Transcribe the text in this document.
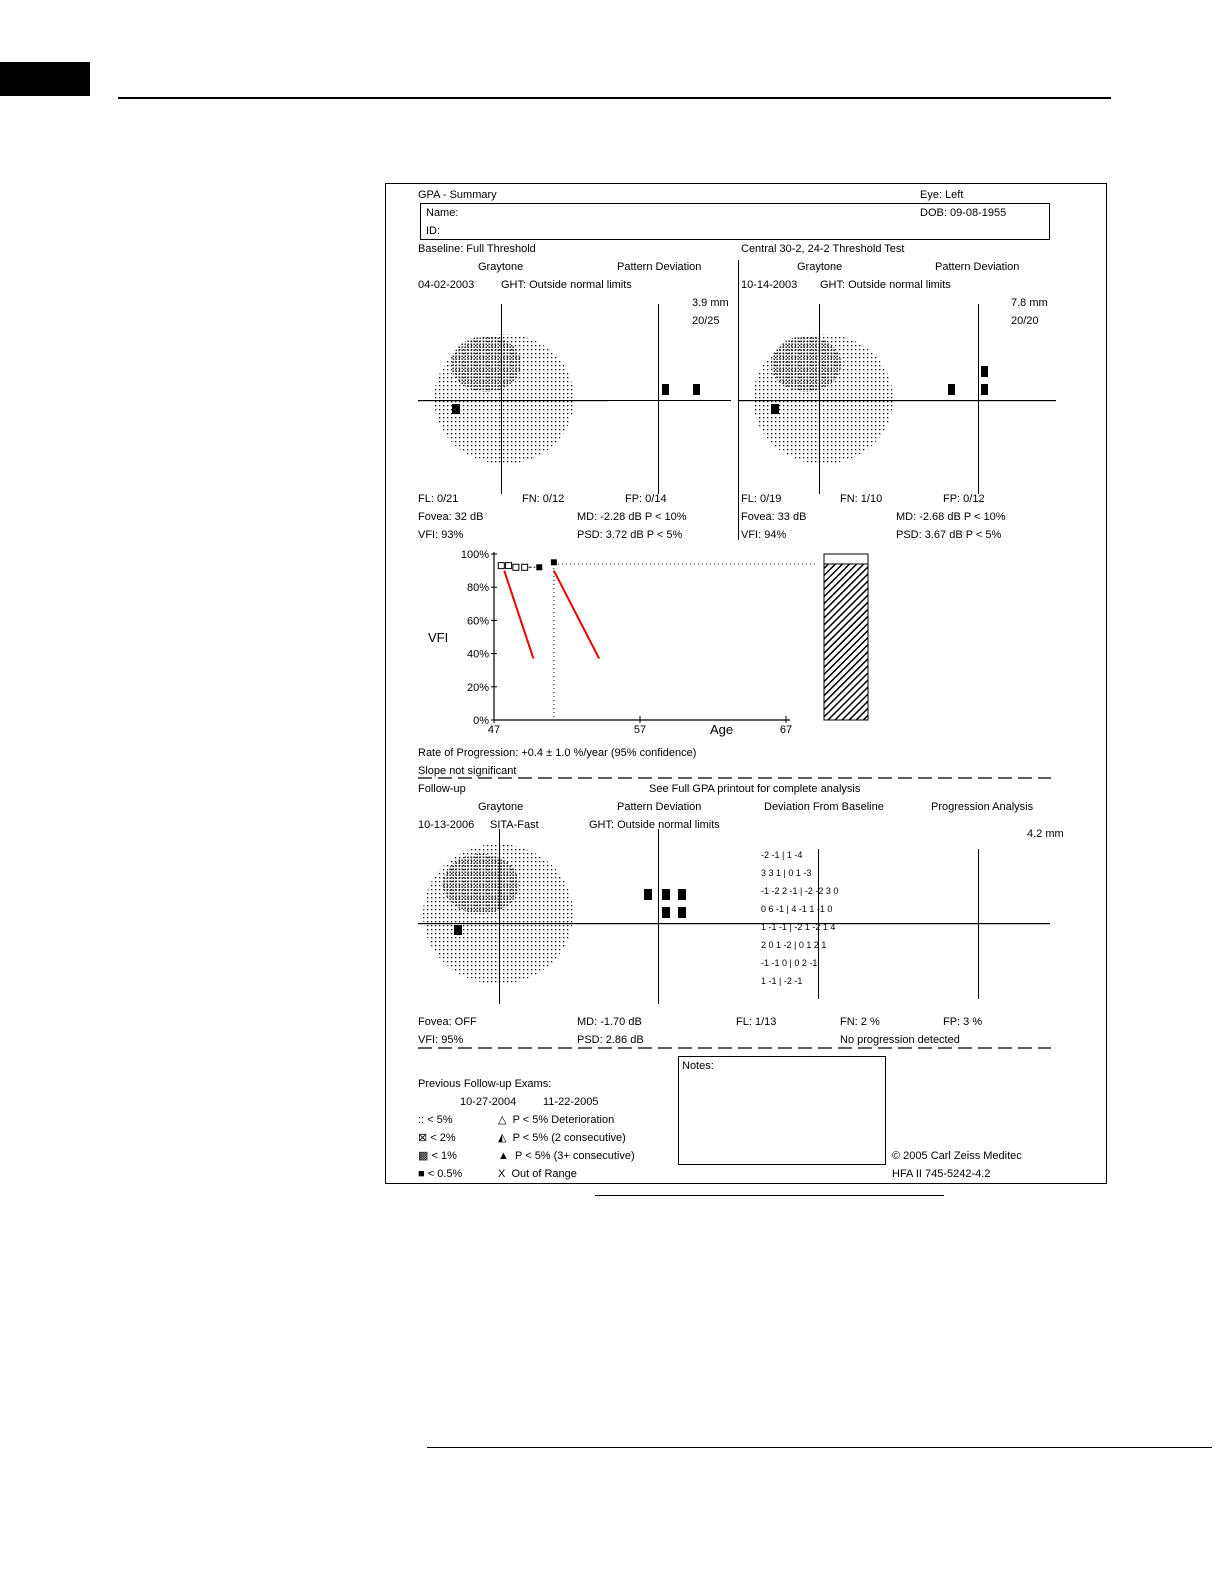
GPA - Summary	Eye: Left
Name:
ID:
DOB: 09-08-1955
Baseline: Full Threshold	Central 30-2, 24-2 Threshold Test
Graytone	Pattern Deviation
04-02-2003 GHT: Outside normal limits
3.9 mm
20/25
Graytone	Pattern Deviation
10-14-2003 GHT: Outside normal limits
7.8 mm
20/20
FL: 0/21	FN: 0/12	FP: 0/14
Fovea: 32 dB	MD: -2.28 dB P < 10%
VFI: 93%	PSD: 3.72 dB P < 5%
FL: 0/19	FN: 1/10	FP: 0/12
Fovea: 33 dB	MD: -2.68 dB P < 10%
VFI: 94%	PSD: 3.67 dB P < 5%
0%
20%
40%
60%
80%
100%
47	57	67
Age
VFI
Rate of Progression: +0.4 ± 1.0 %/year (95% confidence)
Slope not significant
Follow-up	See Full GPA printout for complete analysis
Graytone	Pattern Deviation	Deviation From Baseline	Progression Analysis
10-13-2006 SITA-Fast	GHT: Outside normal limits
4.2 mm
-2 -1 | 1 -4
3 3 1 | 0 1 -3
-1 -2 2 -1 | -2 -2 3 0
0 6 -1 | 4 -1 1 -1 0
1 -1 -1 | -2 1 -2 1 4
2 0 1 -2 | 0 1 2 1
-1 -1 0 | 0 2 -1
1 -1 | -2 -1
Fovea: OFF	MD: -1.70 dB	FL: 1/13	FN: 2 %	FP: 3 %
VFI: 95%	PSD: 2.86 dB	No progression detected
Previous Follow-up Exams:
10-27-2004 11-22-2005
:: < 5%
⊠ < 2%
▩ < 1%
■ < 0.5%
△ P < 5% Deterioration
◭ P < 5% (2 consecutive)
▲ P < 5% (3+ consecutive)
X Out of Range
Notes:
© 2005 Carl Zeiss Meditec
HFA II 745-5242-4.2
